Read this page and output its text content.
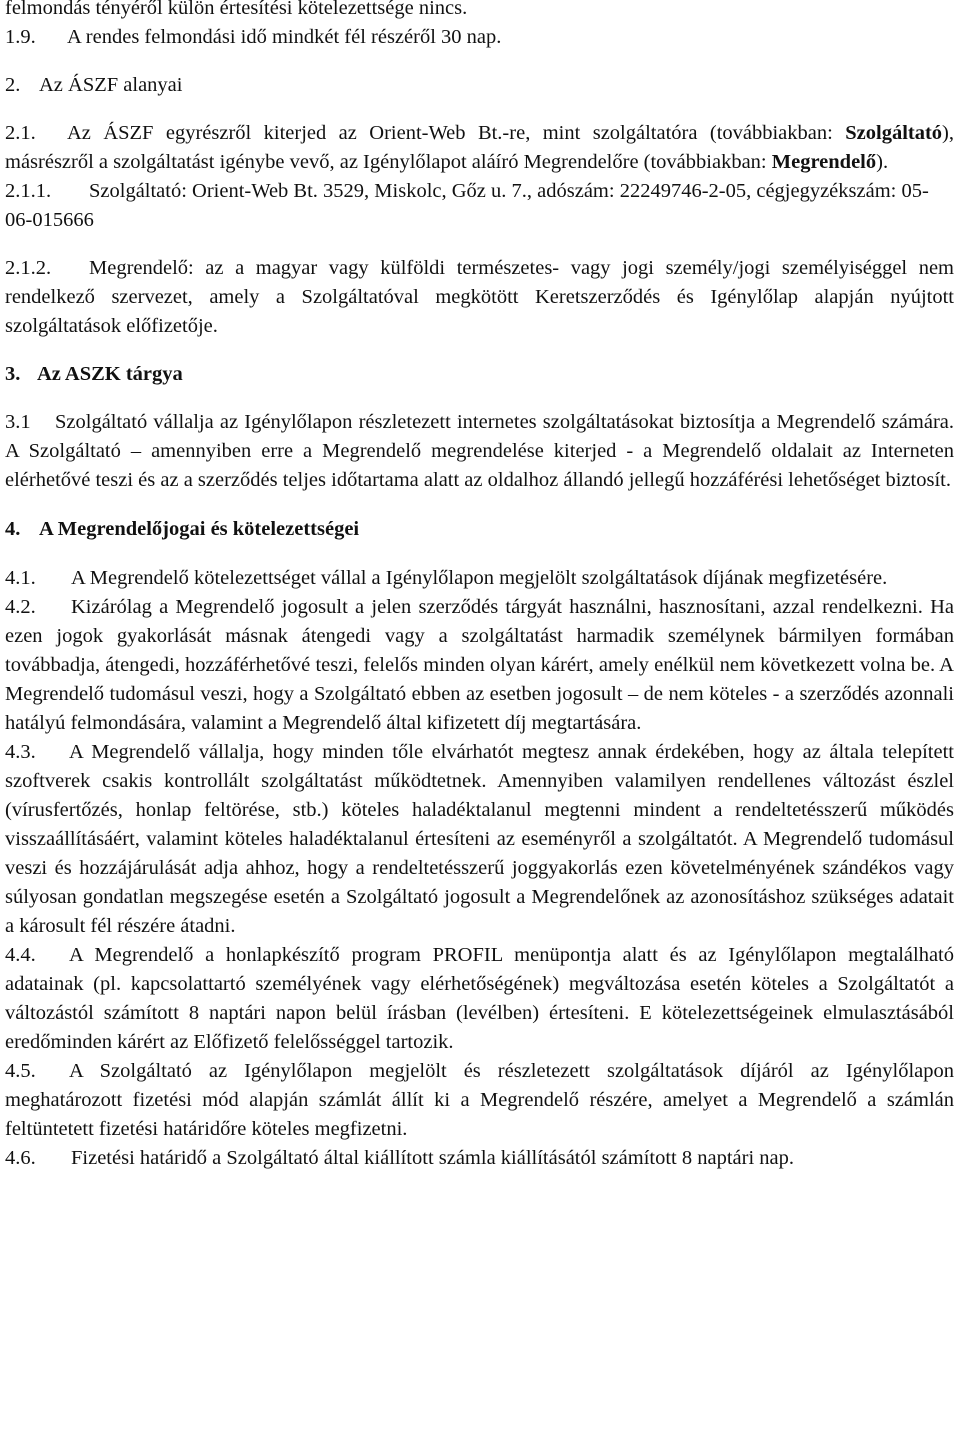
felmondás tényéről külön értesítési kötelezettsége nincs.

1.9. A rendes felmondási idő mindkét fél részéről 30 nap.

2. Az ÁSZF alanyai

2.1. Az ÁSZF egyrészről kiterjed az Orient-Web Bt.-re, mint szolgáltatóra (továbbiakban: Szolgáltató), másrészről a szolgáltatást igénybe vevő, az Igénylőlapot aláíró Megrendelőre (továbbiakban: Megrendelő).

2.1.1. Szolgáltató: Orient-Web Bt. 3529, Miskolc, Gőz u. 7., adószám: 22249746-2-05, cégjegyzékszám: 05-06-015666

2.1.2. Megrendelő: az a magyar vagy külföldi természetes- vagy jogi személy/jogi személyiséggel nem rendelkező szervezet, amely a Szolgáltatóval megkötött Keretszerződés és Igénylőlap alapján nyújtott szolgáltatások előfizetője.

3. Az ASZK tárgya

3.1 Szolgáltató vállalja az Igénylőlapon részletezett internetes szolgáltatásokat biztosítja a Megrendelő számára. A Szolgáltató – amennyiben erre a Megrendelő megrendelése kiterjed - a Megrendelő oldalait az Interneten elérhetővé teszi és az a szerződés teljes időtartama alatt az oldalhoz állandó jellegű hozzáférési lehetőséget biztosít.

4. A Megrendelőjogai és kötelezettségei

4.1. A Megrendelő kötelezettséget vállal a Igénylőlapon megjelölt szolgáltatások díjának megfizetésére.

4.2. Kizárólag a Megrendelő jogosult a jelen szerződés tárgyát használni, hasznosítani, azzal rendelkezni. Ha ezen jogok gyakorlását másnak átengedi vagy a szolgáltatást harmadik személynek bármilyen formában továbbadja, átengedi, hozzáférhetővé teszi, felelős minden olyan kárért, amely enélkül nem következett volna be. A Megrendelő tudomásul veszi, hogy a Szolgáltató ebben az esetben jogosult – de nem köteles - a szerződés azonnali hatályú felmondására, valamint a Megrendelő által kifizetett díj megtartására.

4.3. A Megrendelő vállalja, hogy minden tőle elvárhatót megtesz annak érdekében, hogy az általa telepített szoftverek csakis kontrollált szolgáltatást működtetnek. Amennyiben valamilyen rendellenes változást észlel (vírusfertőzés, honlap feltörése, stb.) köteles haladéktalanul megtenni mindent a rendeltetésszerű működés visszaállításáért, valamint köteles haladéktalanul értesíteni az eseményről a szolgáltatót. A Megrendelő tudomásul veszi és hozzájárulását adja ahhoz, hogy a rendeltetésszerű joggyakorlás ezen követelményének szándékos vagy súlyosan gondatlan megszegése esetén a Szolgáltató jogosult a Megrendelőnek az azonosításhoz szükséges adatait a károsult fél részére átadni.

4.4. A Megrendelő a honlapkészítő program PROFIL menüpontja alatt és az Igénylőlapon megtalálható adatainak (pl. kapcsolattartó személyének vagy elérhetőségének) megváltozása esetén köteles a Szolgáltatót a változástól számított 8 naptári napon belül írásban (levélben) értesíteni. E kötelezettségeinek elmulasztásából eredőminden kárért az Előfizető felelősséggel tartozik.

4.5. A Szolgáltató az Igénylőlapon megjelölt és részletezett szolgáltatások díjáról az Igénylőlapon meghatározott fizetési mód alapján számlát állít ki a Megrendelő részére, amelyet a Megrendelő a számlán feltüntetett fizetési határidőre köteles megfizetni.

4.6. Fizetési határidő a Szolgáltató által kiállított számla kiállításától számított 8 naptári nap.
